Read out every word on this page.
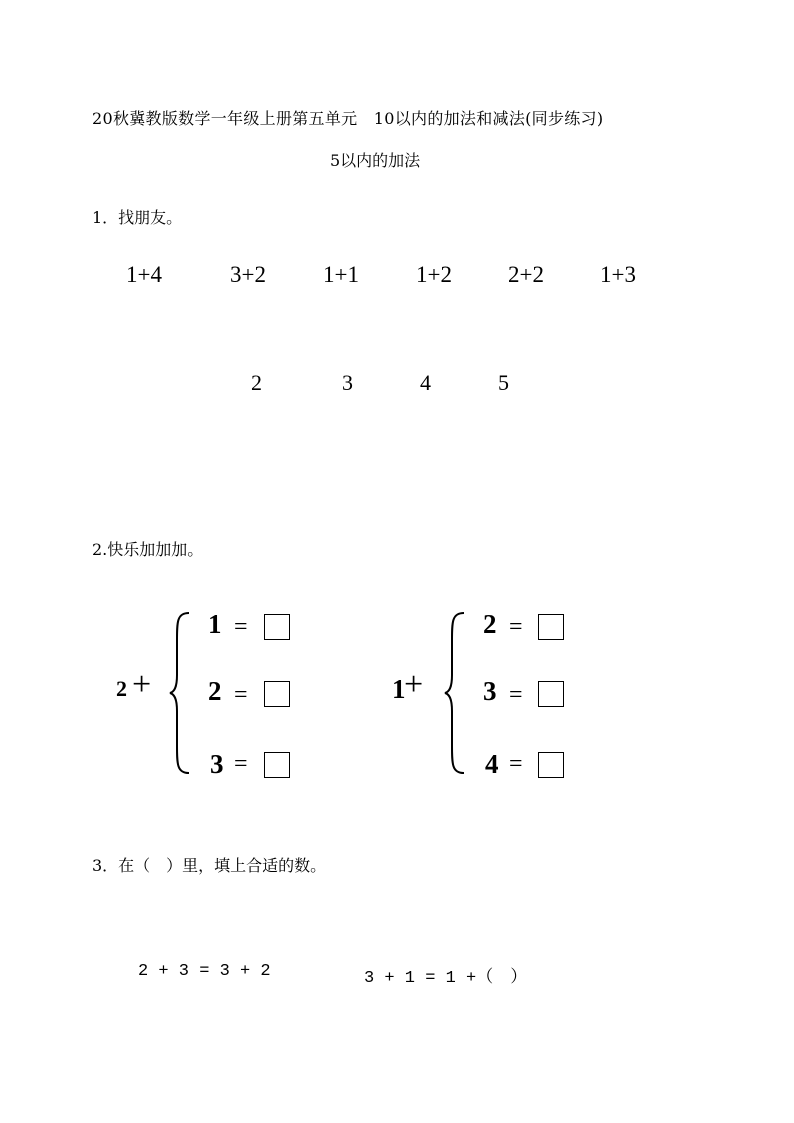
20秋冀教版数学一年级上册第五单元　10以内的加法和减法(同步练习)
5以内的加法
1．找朋友。
1+4	3+2 1+1 1+2 2+2 1+3
2	3	4	5
2.快乐加加加。
2 +
1 =
2 =
3 =
1
+
2 =
3 =
4 =
3．在（　）里，填上合适的数。
2 + 3 = 3 + 2	3 + 1 = 1 +（　）
